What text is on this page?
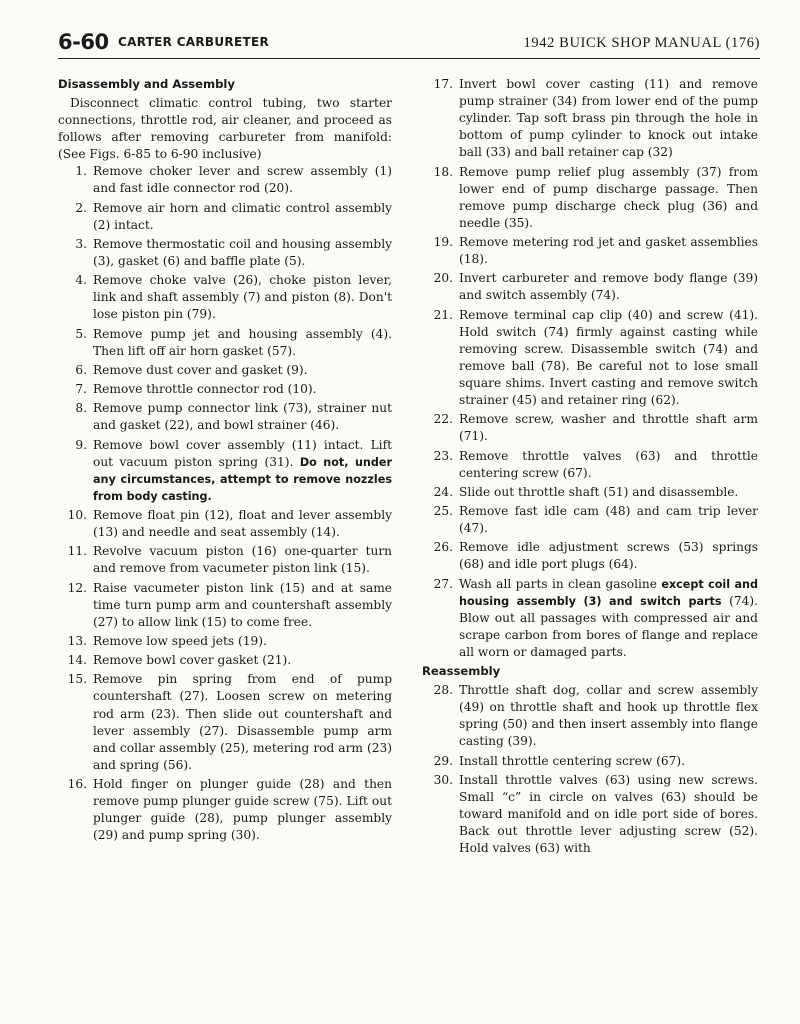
6-60 CARTER CARBURETER	1942 BUICK SHOP MANUAL (176)
Disassembly and Assembly

Disconnect climatic control tubing, two starter connections, throttle rod, air cleaner, and proceed as follows after removing carbureter from manifold: (See Figs. 6-85 to 6-90 inclusive)

1. Remove choker lever and screw assembly (1) and fast idle connector rod (20).
2. Remove air horn and climatic control assembly (2) intact.
3. Remove thermostatic coil and housing assembly (3), gasket (6) and baffle plate (5).
4. Remove choke valve (26), choke piston lever, link and shaft assembly (7) and piston (8). Don't lose piston pin (79).
5. Remove pump jet and housing assembly (4). Then lift off air horn gasket (57).
6. Remove dust cover and gasket (9).
7. Remove throttle connector rod (10).
8. Remove pump connector link (73), strainer nut and gasket (22), and bowl strainer (46).
9. Remove bowl cover assembly (11) intact. Lift out vacuum piston spring (31). Do not, under any circumstances, attempt to remove nozzles from body casting.
10. Remove float pin (12), float and lever assembly (13) and needle and seat assembly (14).
11. Revolve vacuum piston (16) one-quarter turn and remove from vacumeter piston link (15).
12. Raise vacumeter piston link (15) and at same time turn pump arm and countershaft assembly (27) to allow link (15) to come free.
13. Remove low speed jets (19).
14. Remove bowl cover gasket (21).
15. Remove pin spring from end of pump countershaft (27). Loosen screw on metering rod arm (23). Then slide out countershaft and lever assembly (27). Disassemble pump arm and collar assembly (25), metering rod arm (23) and spring (56).
16. Hold finger on plunger guide (28) and then remove pump plunger guide screw (75). Lift out plunger guide (28), pump plunger assembly (29) and pump spring (30).
17. Invert bowl cover casting (11) and remove pump strainer (34) from lower end of the pump cylinder. Tap soft brass pin through the hole in bottom of pump cylinder to knock out intake ball (33) and ball retainer cap (32)
18. Remove pump relief plug assembly (37) from lower end of pump discharge passage. Then remove pump discharge check plug (36) and needle (35).
19. Remove metering rod jet and gasket assemblies (18).
20. Invert carbureter and remove body flange (39) and switch assembly (74).
21. Remove terminal cap clip (40) and screw (41). Hold switch (74) firmly against casting while removing screw. Disassemble switch (74) and remove ball (78). Be careful not to lose small square shims. Invert casting and remove switch strainer (45) and retainer ring (62).
22. Remove screw, washer and throttle shaft arm (71).
23. Remove throttle valves (63) and throttle centering screw (67).
24. Slide out throttle shaft (51) and disassemble.
25. Remove fast idle cam (48) and cam trip lever (47).
26. Remove idle adjustment screws (53) springs (68) and idle port plugs (64).
27. Wash all parts in clean gasoline except coil and housing assembly (3) and switch parts (74). Blow out all passages with compressed air and scrape carbon from bores of flange and replace all worn or damaged parts.
Reassembly
28. Throttle shaft dog, collar and screw assembly (49) on throttle shaft and hook up throttle flex spring (50) and then insert assembly into flange casting (39).
29. Install throttle centering screw (67).
30. Install throttle valves (63) using new screws. Small “c” in circle on valves (63) should be toward manifold and on idle port side of bores. Back out throttle lever adjusting screw (52). Hold valves (63) with
